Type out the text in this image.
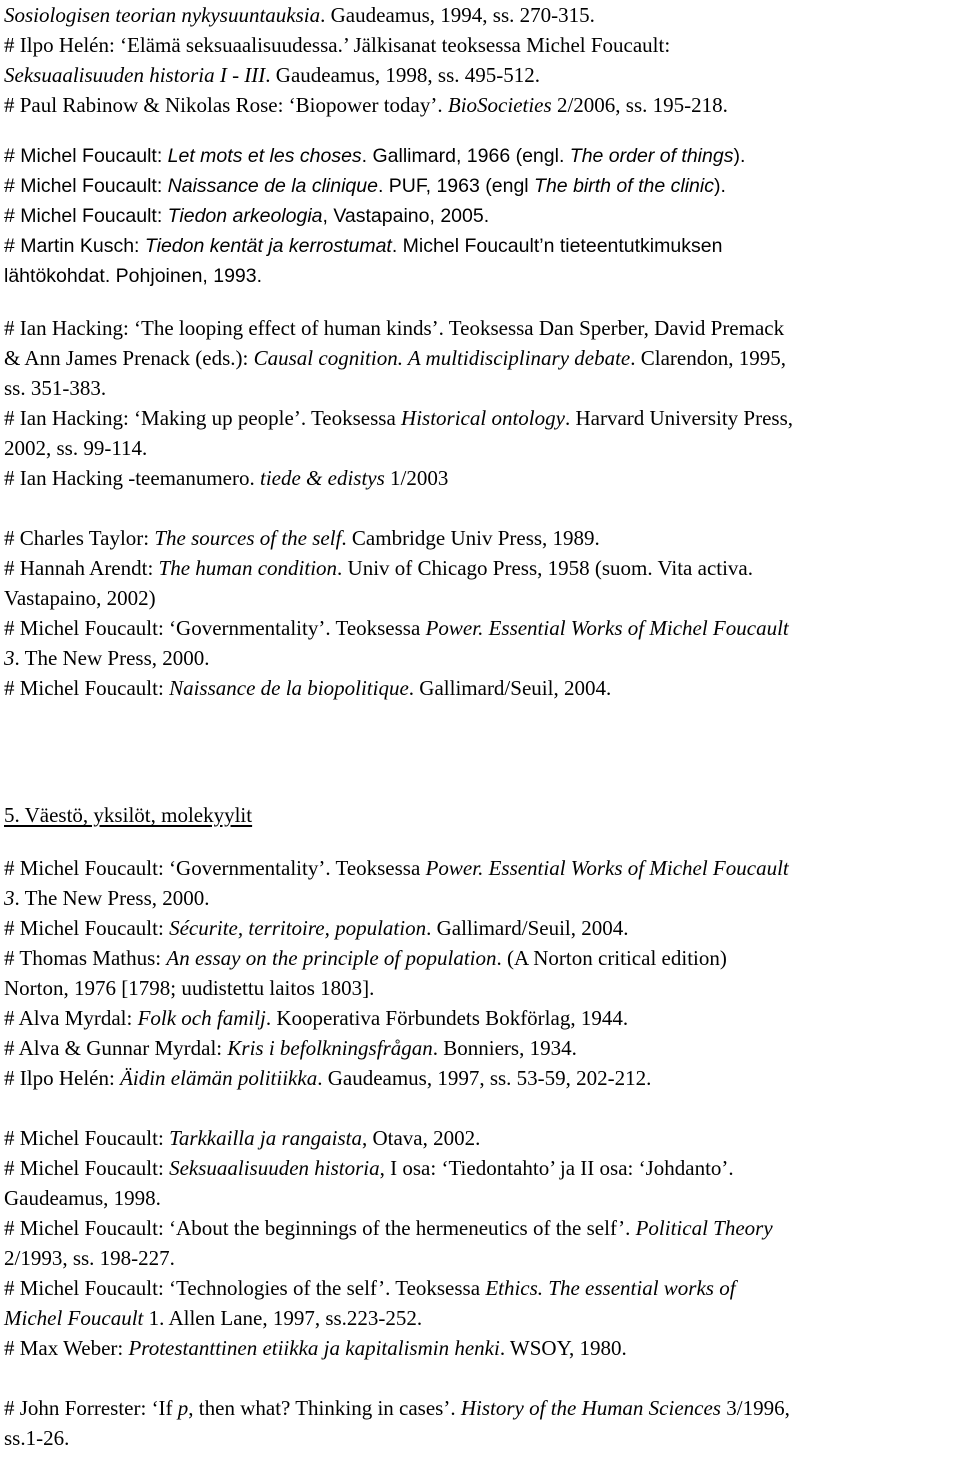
Sosiologisen teorian nykysuuntauksia. Gaudeamus, 1994, ss. 270-315.
# Ilpo Helén: ‘Elämä seksuaalisuudessa.’ Jälkisanat teoksessa Michel Foucault:
Seksuaalisuuden historia I - III. Gaudeamus, 1998, ss. 495-512.
# Paul Rabinow & Nikolas Rose: ‘Biopower today’. BioSocieties 2/2006, ss. 195-218.
# Michel Foucault: Let mots et les choses. Gallimard, 1966 (engl. The order of things).
# Michel Foucault: Naissance de la clinique. PUF, 1963 (engl The birth of the clinic).
# Michel Foucault: Tiedon arkeologia, Vastapaino, 2005.
# Martin Kusch: Tiedon kentät ja kerrostumat. Michel Foucault’n tieteentutkimuksen
lähtökohdat. Pohjoinen, 1993.
# Ian Hacking: ‘The looping effect of human kinds’. Teoksessa Dan Sperber, David Premack
& Ann James Prenack (eds.): Causal cognition. A multidisciplinary debate. Clarendon, 1995,
ss. 351-383.
# Ian Hacking: ‘Making up people’. Teoksessa Historical ontology. Harvard University Press,
2002, ss. 99-114.
# Ian Hacking -teemanumero. tiede & edistys 1/2003
# Charles Taylor: The sources of the self. Cambridge Univ Press, 1989.
# Hannah Arendt: The human condition. Univ of Chicago Press, 1958 (suom. Vita activa.
Vastapaino, 2002)
# Michel Foucault: ‘Governmentality’. Teoksessa Power. Essential Works of Michel Foucault
3. The New Press, 2000.
# Michel Foucault: Naissance de la biopolitique. Gallimard/Seuil, 2004.
5. Väestö, yksilöt, molekyylit
# Michel Foucault: ‘Governmentality’. Teoksessa Power. Essential Works of Michel Foucault
3. The New Press, 2000.
# Michel Foucault: Sécurite, territoire, population. Gallimard/Seuil, 2004.
# Thomas Mathus: An essay on the principle of population. (A Norton critical edition)
Norton, 1976 [1798; uudistettu laitos 1803].
# Alva Myrdal: Folk och familj. Kooperativa Förbundets Bokförlag, 1944.
# Alva & Gunnar Myrdal: Kris i befolkningsfrågan. Bonniers, 1934.
# Ilpo Helén: Äidin elämän politiikka. Gaudeamus, 1997, ss. 53-59, 202-212.
# Michel Foucault: Tarkkailla ja rangaista, Otava, 2002.
# Michel Foucault: Seksuaalisuuden historia, I osa: ‘Tiedontahto’ ja II osa: ‘Johdanto’.
Gaudeamus, 1998.
# Michel Foucault: ‘About the beginnings of the hermeneutics of the self’. Political Theory
2/1993, ss. 198-227.
# Michel Foucault: ‘Technologies of the self’. Teoksessa Ethics. The essential works of
Michel Foucault 1. Allen Lane, 1997, ss.223-252.
# Max Weber: Protestanttinen etiikka ja kapitalismin henki. WSOY, 1980.
# John Forrester: ‘If p, then what? Thinking in cases’. History of the Human Sciences 3/1996,
ss.1-26.
